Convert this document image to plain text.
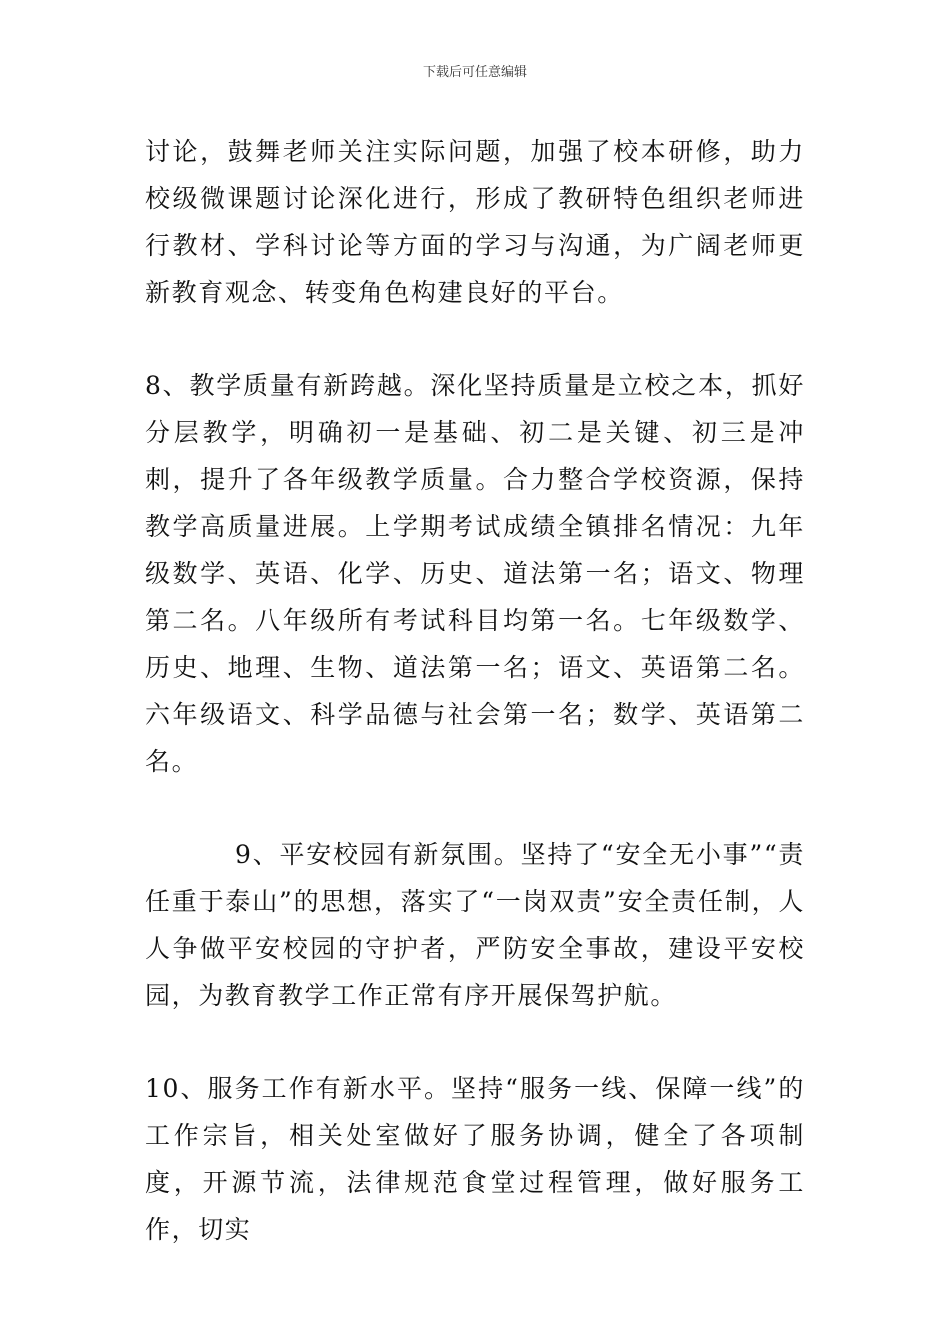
下载后可任意编辑

讨论，鼓舞老师关注实际问题，加强了校本研修，助力校级微课题讨论深化进行，形成了教研特色组织老师进行教材、学科讨论等方面的学习与沟通，为广阔老师更新教育观念、转变角色构建良好的平台。

8、教学质量有新跨越。深化坚持质量是立校之本，抓好分层教学，明确初一是基础、初二是关键、初三是冲刺，提升了各年级教学质量。合力整合学校资源，保持教学高质量进展。上学期考试成绩全镇排名情况：九年级数学、英语、化学、历史、道法第一名；语文、物理第二名。八年级所有考试科目均第一名。七年级数学、历史、地理、生物、道法第一名；语文、英语第二名。六年级语文、科学品德与社会第一名；数学、英语第二名。

9、平安校园有新氛围。坚持了“安全无小事”“责任重于泰山”的思想，落实了“一岗双责”安全责任制，人人争做平安校园的守护者，严防安全事故，建设平安校园，为教育教学工作正常有序开展保驾护航。

10、服务工作有新水平。坚持“服务一线、保障一线”的工作宗旨，相关处室做好了服务协调，健全了各项制度，开源节流，法律规范食堂过程管理，做好服务工作，切实
